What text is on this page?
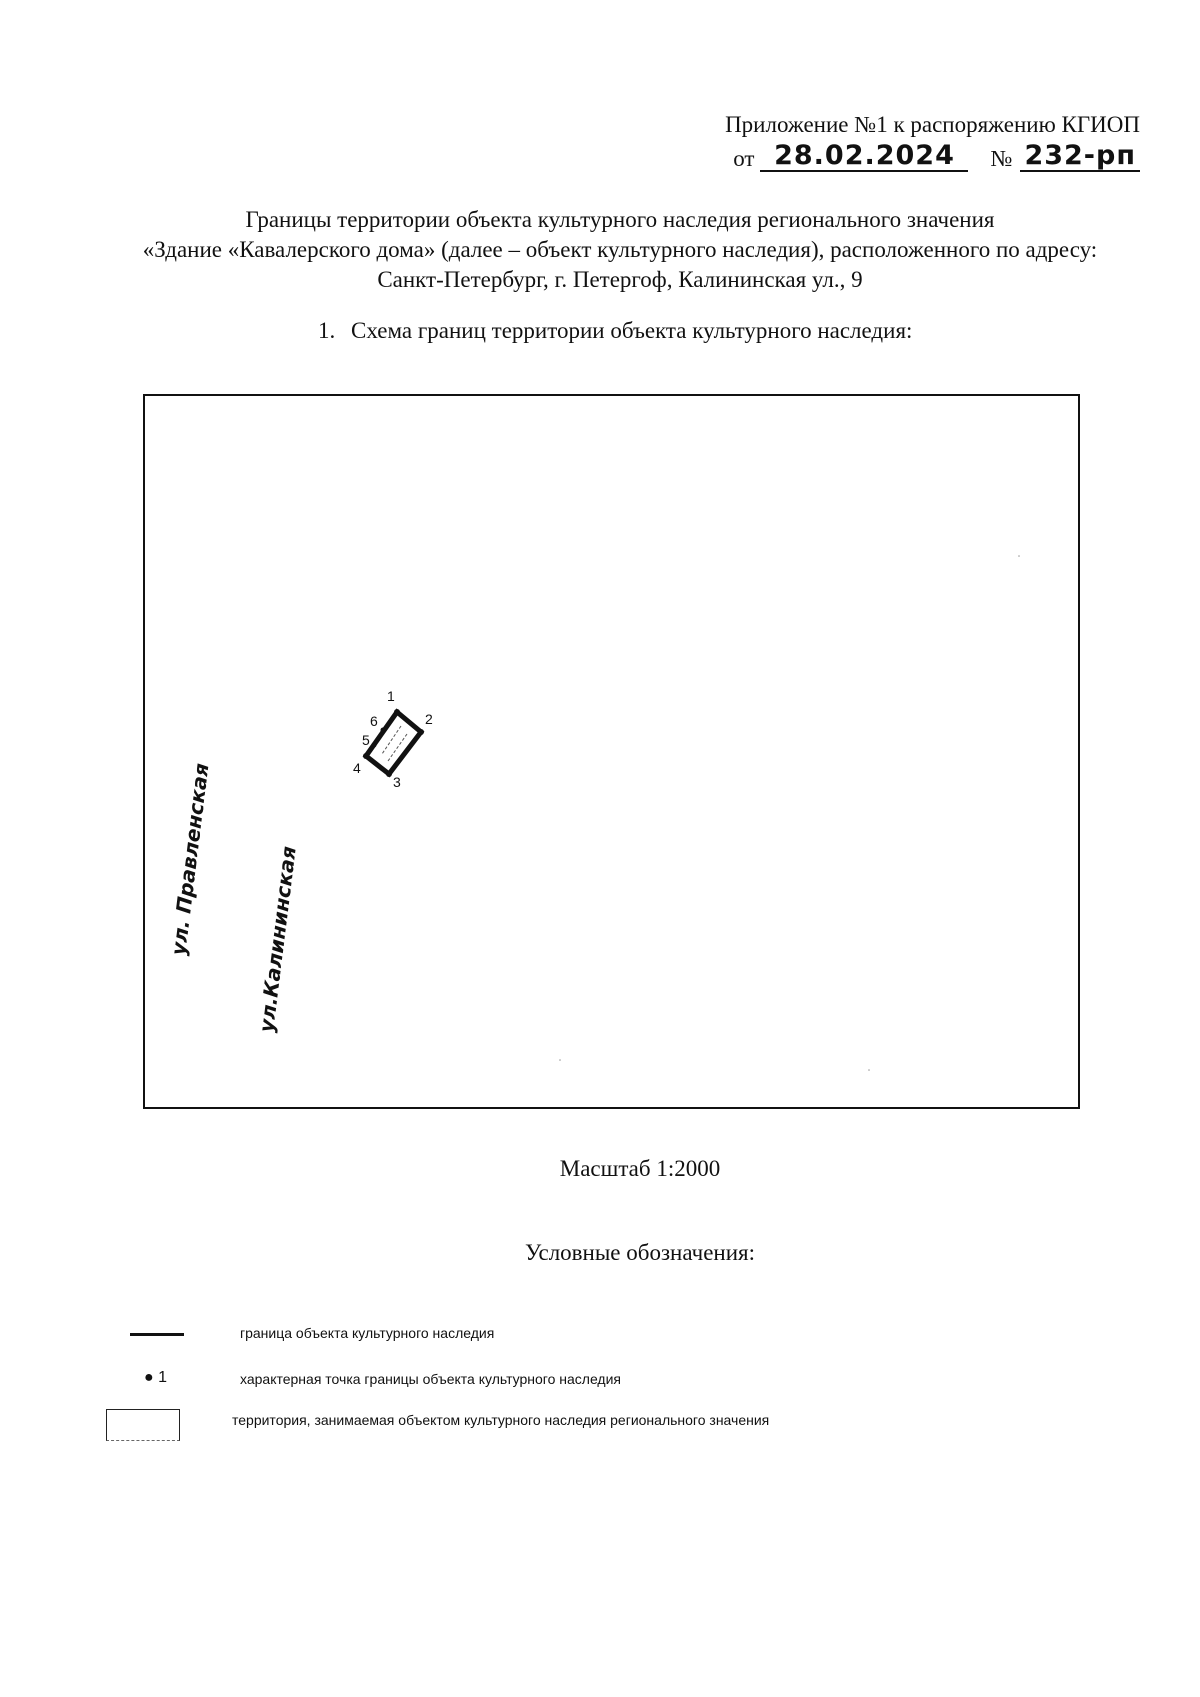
Приложение №1 к распоряжению КГИОП
от 28.02.2024	№ 232-рп
Границы территории объекта культурного наследия регионального значения
«Здание «Кавалерского дома» (далее – объект культурного наследия), расположенного по адресу:
Санкт-Петербург, г. Петергоф, Калининская ул., 9
1. Схема границ территории объекта культурного наследия:
1
2
3
4
5
6
ул. Правленская ул.Калининская
Масштаб 1:2000
Условные обозначения:
граница объекта культурного наследия
● 1	характерная точка границы объекта культурного наследия
территория, занимаемая объектом культурного наследия регионального значения
